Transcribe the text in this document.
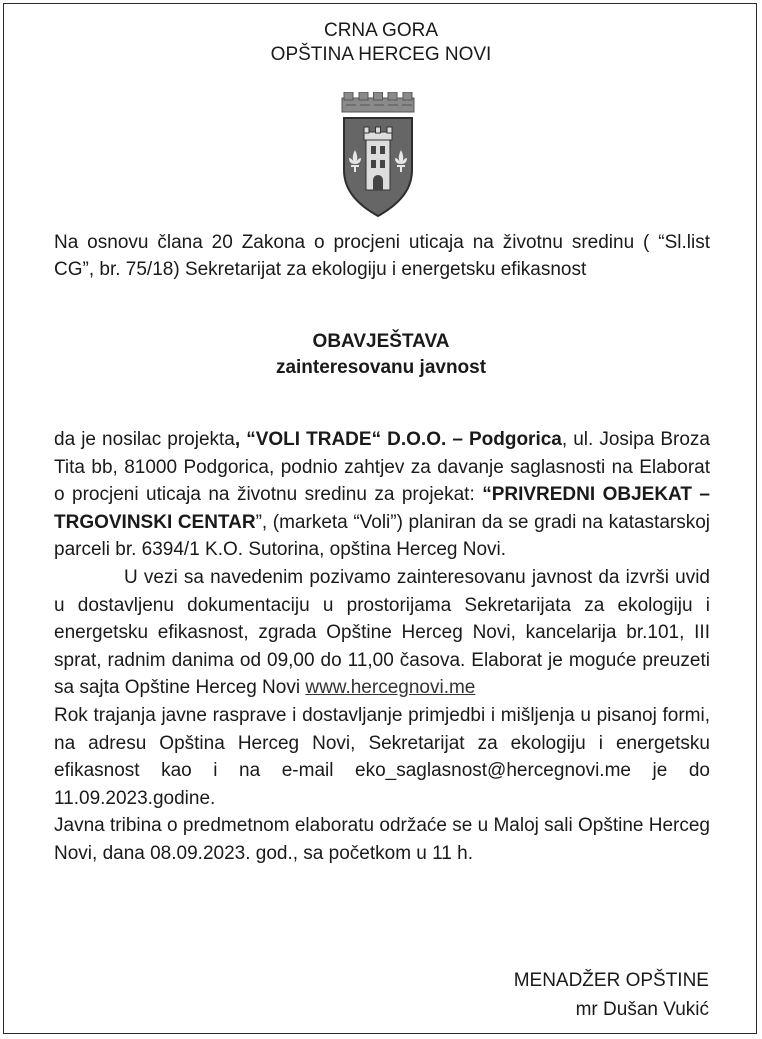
CRNA GORA
OPŠTINA HERCEG NOVI

Na osnovu člana 20 Zakona o procjeni uticaja na životnu sredinu ( “Sl.list CG”, br. 75/18) Sekretarijat za ekologiju i energetsku efikasnost

OBAVJEŠTAVA
zainteresovanu javnost

da je nosilac projekta, “VOLI TRADE“ D.O.O. – Podgorica, ul. Josipa Broza Tita bb, 81000 Podgorica, podnio zahtjev za davanje saglasnosti na Elaborat o procjeni uticaja na životnu sredinu za projekat: “PRIVREDNI OBJEKAT – TRGOVINSKI CENTAR”, (marketa “Voli”) planiran da se gradi na katastarskoj parceli br. 6394/1 K.O. Sutorina, opština Herceg Novi.

U vezi sa navedenim pozivamo zainteresovanu javnost da izvrši uvid u dostavljenu dokumentaciju u prostorijama Sekretarijata za ekologiju i energetsku efikasnost, zgrada Opštine Herceg Novi, kancelarija br.101, III sprat, radnim danima od 09,00 do 11,00 časova. Elaborat je moguće preuzeti sa sajta Opštine Herceg Novi www.hercegnovi.me

Rok trajanja javne rasprave i dostavljanje primjedbi i mišljenja u pisanoj formi, na adresu Opština Herceg Novi, Sekretarijat za ekologiju i energetsku efikasnost kao i na e-mail eko_saglasnost@hercegnovi.me je do 11.09.2023.godine.

Javna tribina o predmetnom elaboratu održaće se u Maloj sali Opštine Herceg Novi, dana 08.09.2023. god., sa početkom u 11 h.

MENADŽER OPŠTINE
mr Dušan Vukić
